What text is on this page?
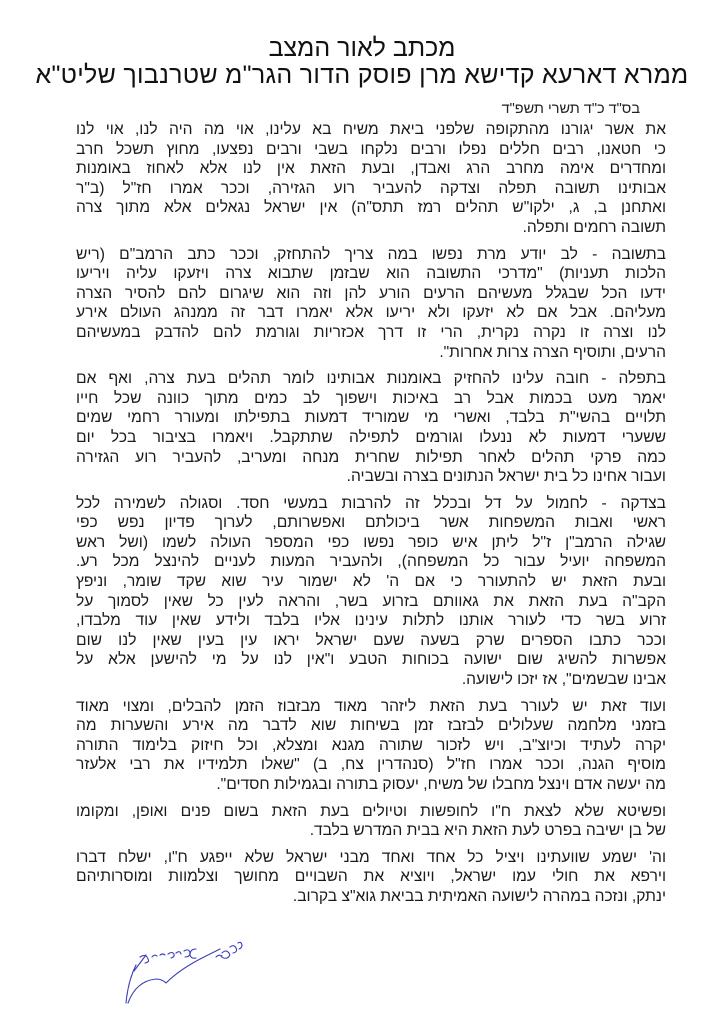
מכתב לאור המצב
ממרא דארעא קדישא מרן פוסק הדור הגר"מ שטרנבוך שליט"א
בס"ד כ"ד תשרי תשפ"ד
את אשר יגורנו מהתקופה שלפני ביאת משיח בא עלינו, אוי מה היה לנו, אוי לנו
כי חטאנו, רבים חללים נפלו ורבים נלקחו בשבי ורבים נפצעו, מחוץ תשכל חרב
ומחדרים אימה מחרב הרג ואבדן, ובעת הזאת אין לנו אלא לאחוז באומנות
אבותינו תשובה תפלה וצדקה להעביר רוע הגזירה, וככר אמרו חז"ל (ב"ר
ואתחנן ב, ג, ילקו"ש תהלים רמז תתס"ה) אין ישראל נגאלים אלא מתוך צרה
תשובה רחמים ותפלה.
בתשובה - לב יודע מרת נפשו במה צריך להתחזק, וככר כתב הרמב"ם (ריש
הלכות תעניות) "מדרכי התשובה הוא שבזמן שתבוא צרה ויזעקו עליה ויריעו
ידעו הכל שבגלל מעשיהם הרעים הורע להן וזה הוא שיגרום להם להסיר הצרה
מעליהם. אבל אם לא יזעקו ולא יריעו אלא יאמרו דבר זה ממנהג העולם אירע
לנו וצרה זו נקרה נקרית, הרי זו דרך אכזריות וגורמת להם להדבק במעשיהם
הרעים, ותוסיף הצרה צרות אחרות".
בתפלה - חובה עלינו להחזיק באומנות אבותינו לומר תהלים בעת צרה, ואף אם
יאמר מעט בכמות אבל רב באיכות וישפוך לב כמים מתוך כוונה שכל חייו
תלויים בהשי"ת בלבד, ואשרי מי שמוריד דמעות בתפילתו ומעורר רחמי שמים
ששערי דמעות לא ננעלו וגורמים לתפילה שתתקבל. ויאמרו בציבור בכל יום
כמה פרקי תהלים לאחר תפילות שחרית מנחה ומעריב, להעביר רוע הגזירה
ועבור אחינו כל בית ישראל הנתונים בצרה ובשביה.
בצדקה - לחמול על דל ובכלל זה להרבות במעשי חסד. וסגולה לשמירה לכל
ראשי ואבות המשפחות אשר ביכולתם ואפשרותם, לערוך פדיון נפש כפי
שגילה הרמב"ן ז"ל ליתן איש כופר נפשו כפי המספר העולה לשמו (ושל ראש
המשפחה יועיל עבור כל המשפחה), ולהעביר המעות לעניים להינצל מכל רע.
ובעת הזאת יש להתעורר כי אם ה' לא ישמור עיר שוא שקד שומר, וניפץ
הקב"ה בעת הזאת את גאוותם בזרוע בשר, והראה לעין כל שאין לסמוך על
זרוע בשר כדי לעורר אותנו לתלות עינינו אליו בלבד ולידע שאין עוד מלבדו,
וככר כתבו הספרים שרק בשעה שעם ישראל יראו עין בעין שאין לנו שום
אפשרות להשיג שום ישועה בכוחות הטבע ו"אין לנו על מי להישען אלא על
אבינו שבשמים", אז יזכו לישועה.
ועוד זאת יש לעורר בעת הזאת ליזהר מאוד מבזבוז הזמן להבלים, ומצוי מאוד
בזמני מלחמה שעלולים לבזבז זמן בשיחות שוא לדבר מה אירע והשערות מה
יקרה לעתיד וכיוצ"ב, ויש לזכור שתורה מגנא ומצלא, וכל חיזוק בלימוד התורה
מוסיף הגנה, וככר אמרו חז"ל (סנהדרין צח, ב) "שאלו תלמידיו את רבי אלעזר
מה יעשה אדם וינצל מחבלו של משיח, יעסוק בתורה ובגמילות חסדים".
ופשיטא שלא לצאת ח"ו לחופשות וטיולים בעת הזאת בשום פנים ואופן, ומקומו
של בן ישיבה בפרט לעת הזאת היא בבית המדרש בלבד.
וה' ישמע שוועתינו ויציל כל אחד ואחד מבני ישראל שלא ייפגע ח"ו, ישלח דברו
וירפא את חולי עמו ישראל, ויוציא את השבויים מחושך וצלמוות ומוסרותיהם
ינתק, ונזכה במהרה לישועה האמיתית בביאת גוא"צ בקרוב.
